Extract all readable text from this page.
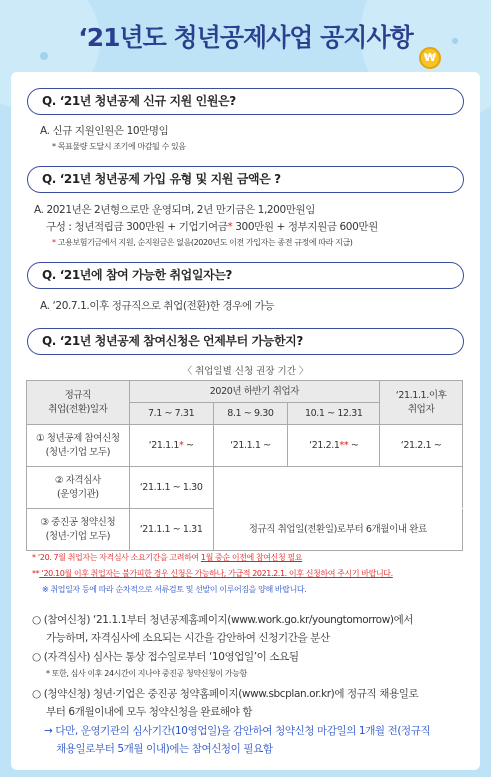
‘21년도 청년공제사업 공지사항
₩
Q. ‘21년 청년공제 신규 지원 인원은?
A. 신규 지원인원은 10만명임
* 목표물량 도달시 조기에 마감될 수 있음
Q. ‘21년 청년공제 가입 유형 및 지원 금액은 ?
A. 2021년은 2년형으로만 운영되며, 2년 만기금은 1,200만원임
구성 : 청년적립금 300만원 + 기업기여금* 300만원 + 정부지원금 600만원
* 고용보험기금에서 지원, 순지원금은 없음(2020년도 이전 가입자는 종전 규정에 따라 지급)
Q. ‘21년에 참여 가능한 취업일자는?
A. ‘20.7.1.이후 정규직으로 취업(전환)한 경우에 가능
Q. ‘21년 청년공제 참여신청은 언제부터 가능한지?
〈 취업일별 신청 권장 기간 〉
정규직
취업(전환)일자	2020년 하반기 취업자			‘21.1.1.이후
취업자
	7.1 ~ 7.31	8.1 ~ 9.30	10.1 ~ 12.31	
① 청년공제 참여신청
(청년·기업 모두)	‘21.1.1* ~	‘21.1.1 ~	‘21.2.1** ~	‘21.2.1 ~
② 자격심사
(운영기관)	‘21.1.1 ~ 1.30			
③ 중진공 청약신청
(청년·기업 모두)	‘21.1.1 ~ 1.31	정규직 취업일(전환일)로부터 6개월이내 완료		
* ‘20. 7월 취업자는 자격심사 소요기간을 고려하여 1월 중순 이전에 참여신청 필요
** ‘20.10월 이후 취업자는 불가피한 경우 신청은 가능하나, 가급적 2021.2.1. 이후 신청하여 주시기 바랍니다.
※ 취업일자 등에 따라 순차적으로 서류검토 및 선발이 이루어짐을 양해 바랍니다.
○ (참여신청) ‘21.1.1부터 청년공제홈페이지(www.work.go.kr/youngtomorrow)에서
가능하며, 자격심사에 소요되는 시간을 감안하여 신청기간을 분산
○ (자격심사) 심사는 통상 접수일로부터 ‘10영업일’이 소요됨
* 또한, 심사 이후 24시간이 지나야 중진공 청약신청이 가능함
○ (청약신청) 청년·기업은 중진공 청약홈페이지(www.sbcplan.or.kr)에 정규직 채용일로
부터 6개월이내에 모두 청약신청을 완료해야 함
→ 다만, 운영기관의 심사기간(10영업일)을 감안하여 청약신청 마감일의 1개월 전(정규직
채용일로부터 5개월 이내)에는 참여신청이 필요함
